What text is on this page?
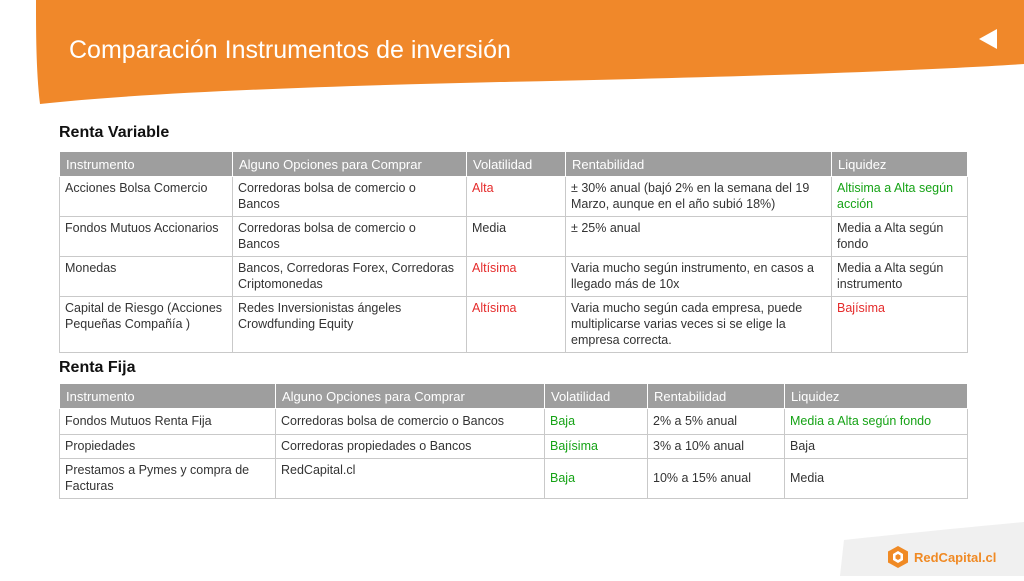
Comparación Instrumentos de inversión
Renta Variable
Instrumento	Alguno Opciones para Comprar	Volatilidad	Rentabilidad	Liquidez
Acciones Bolsa Comercio	Corredoras bolsa de comercio o Bancos	Alta	± 30% anual (bajó 2% en la semana del 19 Marzo, aunque en el año subió 18%)	Altisima a Alta según acción
Fondos Mutuos Accionarios	Corredoras bolsa de comercio o Bancos	Media	± 25% anual	Media a Alta según fondo
Monedas	Bancos, Corredoras Forex, Corredoras Criptomonedas	Altísima	Varia mucho según instrumento, en casos a llegado más de 10x	Media a Alta según instrumento
Capital de Riesgo (Acciones Pequeñas Compañía )	Redes Inversionistas ángeles Crowdfunding Equity	Altísima	Varia mucho según cada empresa, puede multiplicarse varias veces si se elige la empresa correcta.	Bajísima
Renta Fija
Instrumento	Alguno Opciones para Comprar	Volatilidad	Rentabilidad	Liquidez
Fondos Mutuos Renta Fija	Corredoras bolsa de comercio o Bancos	Baja	2% a 5% anual	Media a Alta según fondo
Propiedades	Corredoras propiedades o Bancos	Bajísima	3% a 10% anual	Baja
Prestamos a Pymes y compra de Facturas	RedCapital.cl	Baja	10% a 15% anual	Media
RedCapital.cl
